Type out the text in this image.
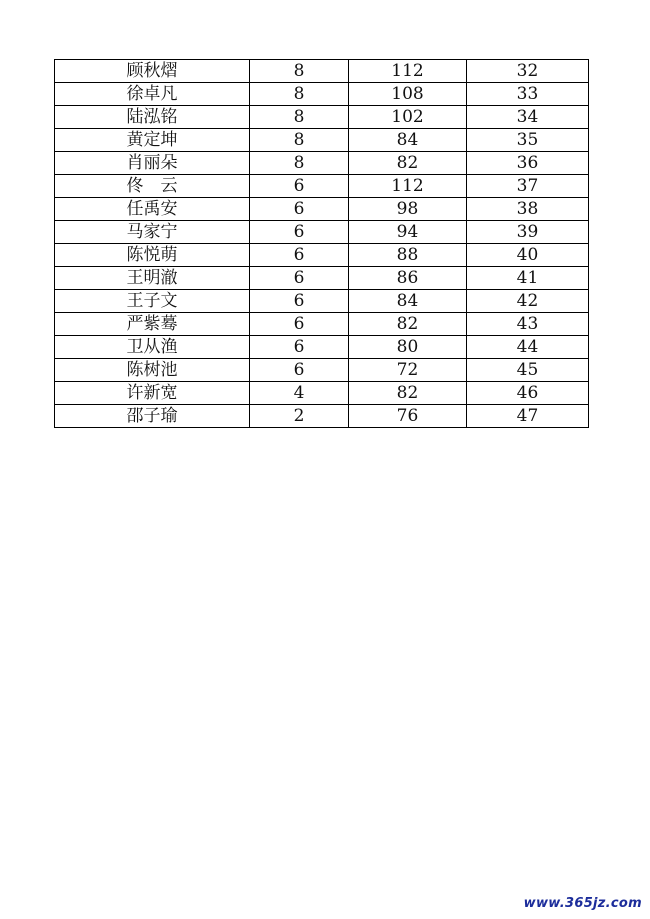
顾秋熠	8	112	32
徐卓凡	8	108	33
陆泓铭	8	102	34
黄定坤	8	84	35
肖丽朵	8	82	36
佟　云	6	112	37
任禹安	6	98	38
马家宁	6	94	39
陈悦萌	6	88	40
王明澈	6	86	41
王子文	6	84	42
严紫蓦	6	82	43
卫从渔	6	80	44
陈树池	6	72	45
许新宽	4	82	46
邵子瑜	2	76	47
www.365jz.com
